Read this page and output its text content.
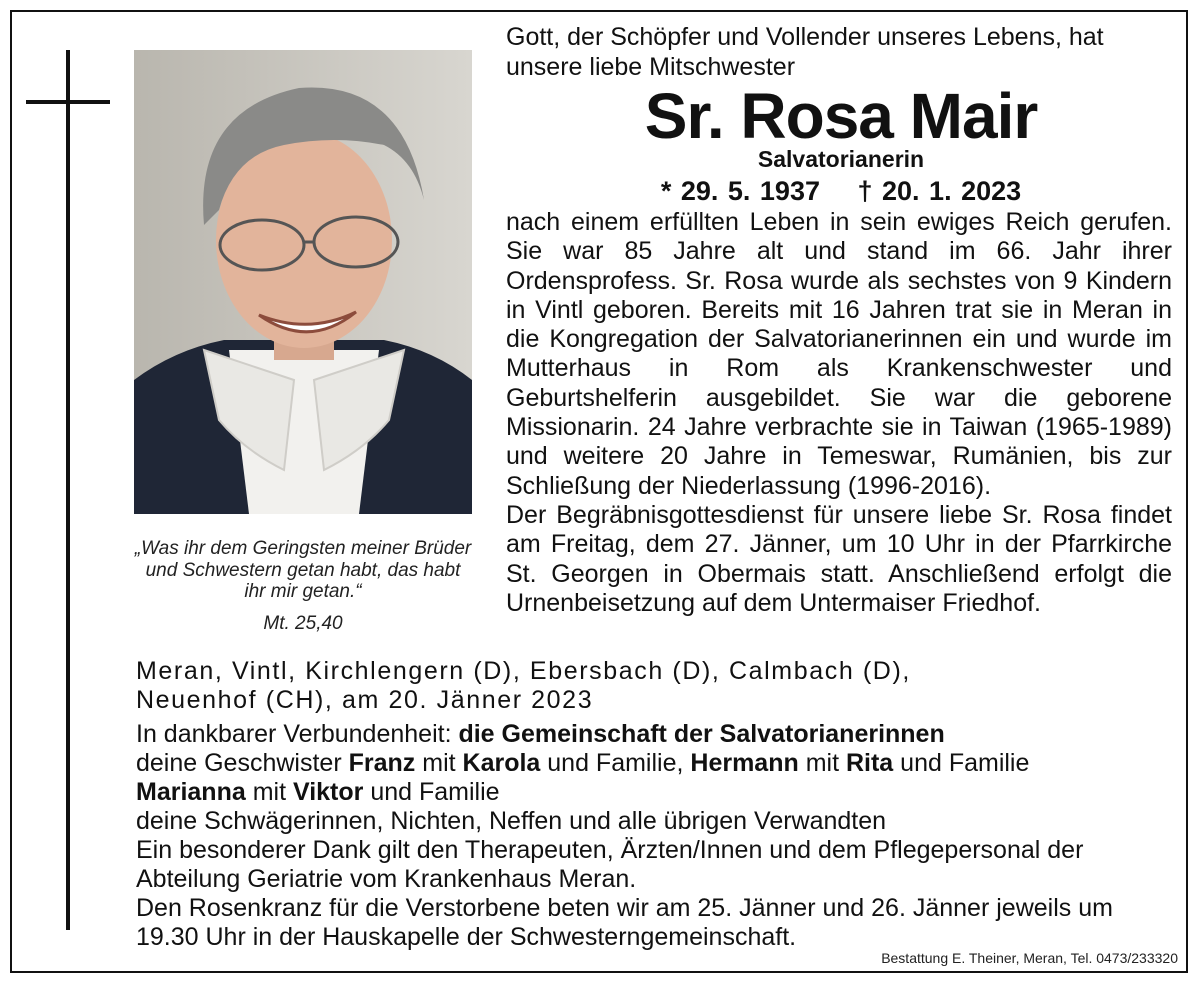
„Was ihr dem Geringsten meiner Brüder und Schwestern getan habt, das habt ihr mir getan.“
Mt. 25,40
Gott, der Schöpfer und Vollender unseres Lebens, hat unsere liebe Mitschwester
Sr. Rosa Mair
Salvatorianerin
* 29. 5. 1937 † 20. 1. 2023

nach einem erfüllten Leben in sein ewiges Reich gerufen. Sie war 85 Jahre alt und stand im 66. Jahr ihrer Ordensprofess. Sr. Rosa wurde als sechstes von 9 Kindern in Vintl geboren. Bereits mit 16 Jahren trat sie in Meran in die Kongregation der Salvatorianerinnen ein und wurde im Mutterhaus in Rom als Krankenschwester und Geburtshelferin ausgebildet. Sie war die geborene Missionarin. 24 Jahre verbrachte sie in Taiwan (1965-1989) und weitere 20 Jahre in Temeswar, Rumänien, bis zur Schließung der Niederlassung (1996-2016).

Der Begräbnisgottesdienst für unsere liebe Sr. Rosa findet am Freitag, dem 27. Jänner, um 10 Uhr in der Pfarrkirche St. Georgen in Obermais statt. Anschließend erfolgt die Urnenbeisetzung auf dem Untermaiser Friedhof.

Meran, Vintl, Kirchlengern (D), Ebersbach (D), Calmbach (D),
Neuenhof (CH), am 20. Jänner 2023

In dankbarer Verbundenheit: die Gemeinschaft der Salvatorianerinnen

deine Geschwister Franz mit Karola und Familie, Hermann mit Rita und Familie

Marianna mit Viktor und Familie

deine Schwägerinnen, Nichten, Neffen und alle übrigen Verwandten

Ein besonderer Dank gilt den Therapeuten, Ärzten/Innen und dem Pflegepersonal der Abteilung Geriatrie vom Krankenhaus Meran.

Den Rosenkranz für die Verstorbene beten wir am 25. Jänner und 26. Jänner jeweils um 19.30 Uhr in der Hauskapelle der Schwesterngemeinschaft.

Bestattung E. Theiner, Meran, Tel. 0473/233320
